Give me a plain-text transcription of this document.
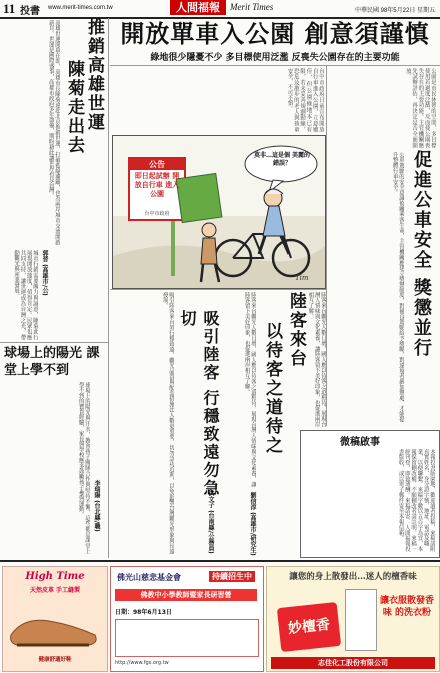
11 投書 www.merit-times.com.tw	人間福報	Merit Times	中華民國 98年5月22日 星期五
開放單車入公園 創意須謹慎
綠地很少隱憂不少 多目標使用泛濫 反喪失公園存在的主要功能
推銷高雄世運
陳菊走出去
促進公車安全 獎懲並行
陸客來台
以待客之道待之
吸引陸客 行穩致遠勿急切
球場上的陽光 課堂上學不到
郭晉 (高雄市/公)
李瑞陽 (台北縣/職)	劉信淳 (高雄市/研究生)
洪文子 (台南縣/公務員)
高雄世運開幕在即，高雄市長陳菊遠赴北京推銷世運，打破藍綠藩籬，也為兩岸城市交流開啟新頁。世運是國際盛事，高雄市政府多年籌備，期盼藉此讓世界看見台灣。
城市行銷需要魄力與誠意，陳菊此行展現開放態度，值得肯定。民眾也應共同支持，讓世運成為台灣之光，帶動觀光與產業發展。
球場上的陽光與汗水，教會孩子團隊合作與堅持不懈，這些都是課堂上學不到的寶貴經驗，家長與學校應多鼓勵孩子參與運動。
台中市政府日前宣布開放自行車進入公園，立意雖佳，但公園綠地本已有限，若未妥善規劃動線，恐危及散步的老人與孩童安全，不可不慎。	公園是市民休憩的空間，多目標使用若過度泛濫，反而使公園喪失存在的主要功能。主管機關應先試辦評估，再決定是否全面開放。
公車駕駛的安全意識攸關乘客生命，主管機關應建立獎懲制度，對優良駕駛給予獎勵，對違規者嚴加懲處，才能提升整體行車安全。
陸客來台觀光人數日增，國人應以待客之道相待，展現台灣人情味與文化素養，讓陸客留下美好印象，也促進兩岸相互了解。
吸引陸客來台須行穩致遠，觀光品質與配套措施比人數更重要，切勿急功近利，以免影響台灣觀光形象與長遠發展。	陸客來台觀光人數日增，國人應以待客之道相待，展現台灣人情味與文化素養，讓陸客留下美好印象，也促進兩岸相互了解。
公告
即日起試辦 開放自行車 進入公園
台中市政府
莫非…這是個 美麗的錯誤？
Tim
微稿啟事
本報投書版園地，歡迎讀者投稿，來稿請附真實姓名、身分證字號、地址、電話及職業，以便聯繫。來稿字數以五百字為宜，本報保留刪改權，不願刪改者請註明。來稿一經刊登，即致薄酬。來稿請寄：人間福報投書版收，或以電子郵件寄至本報信箱。
High Time
天然皮革 手工縫製
健康舒適好鞋
佛光山慈悲基金會	持續招生中
佛教中小學教師暨家長研習營
日期：98年6月13日
http://www.fgs.org.tw
讓您的身上散發出…迷人的檀香味
妙檀香
讓衣服散發香味 的洗衣粉
志佳化工股份有限公司
